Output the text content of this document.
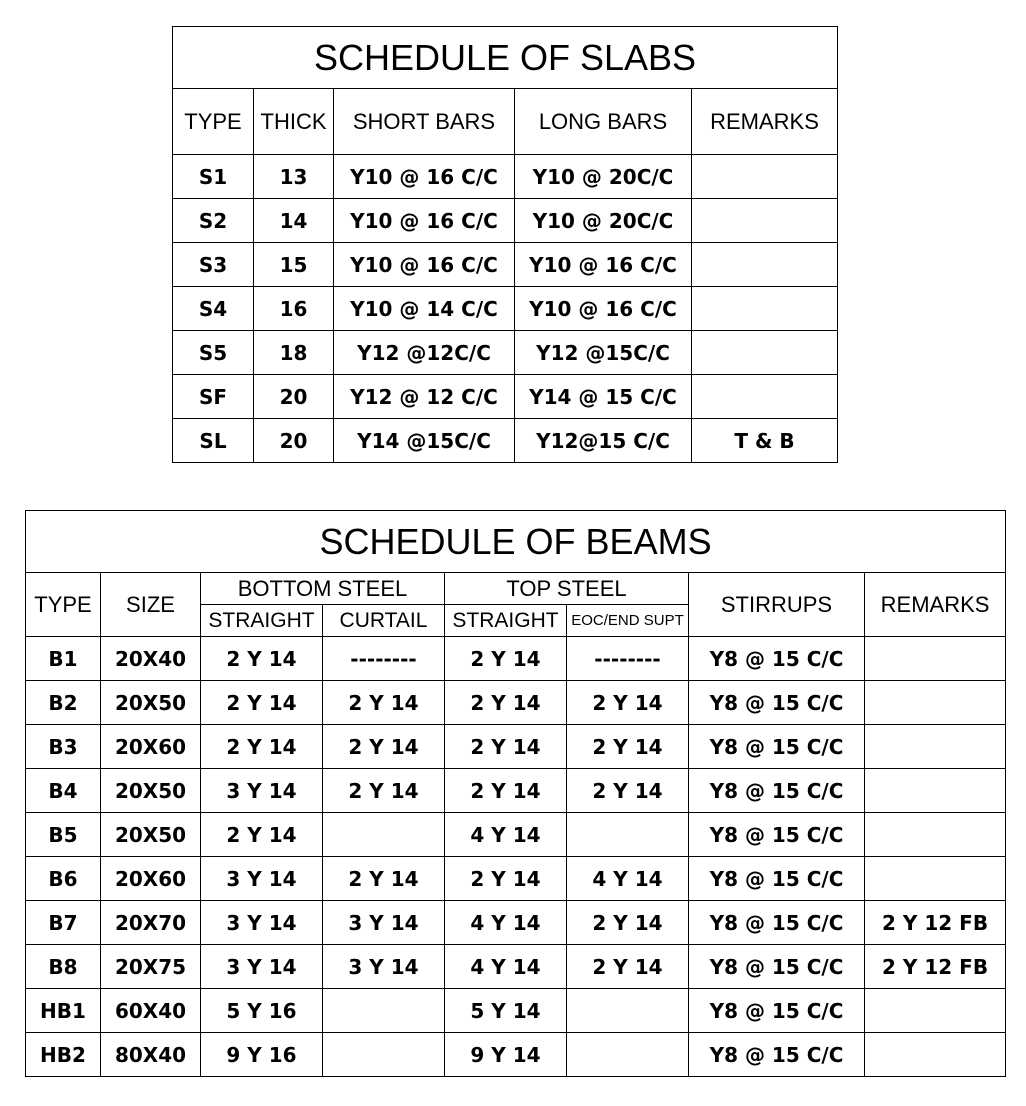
SCHEDULE OF SLABS				
TYPE	THICK	SHORT BARS	LONG BARS	REMARKS
S1	13	Y10 @ 16 C/C	Y10 @ 20C/C	
S2	14	Y10 @ 16 C/C	Y10 @ 20C/C	
S3	15	Y10 @ 16 C/C	Y10 @ 16 C/C	
S4	16	Y10 @ 14 C/C	Y10 @ 16 C/C	
S5	18	Y12 @12C/C	Y12 @15C/C	
SF	20	Y12 @ 12 C/C	Y14 @ 15 C/C	
SL	20	Y14 @15C/C	Y12@15 C/C	T & B
SCHEDULE OF BEAMS							
TYPE	SIZE	BOTTOM STEEL		TOP STEEL		STIRRUPS	REMARKS
		STRAIGHT	CURTAIL	STRAIGHT	EOC/END SUPT		
B1	20X40	2 Y 14	--------	2 Y 14	--------	Y8 @ 15 C/C	
B2	20X50	2 Y 14	2 Y 14	2 Y 14	2 Y 14	Y8 @ 15 C/C	
B3	20X60	2 Y 14	2 Y 14	2 Y 14	2 Y 14	Y8 @ 15 C/C	
B4	20X50	3 Y 14	2 Y 14	2 Y 14	2 Y 14	Y8 @ 15 C/C	
B5	20X50	2 Y 14		4 Y 14		Y8 @ 15 C/C	
B6	20X60	3 Y 14	2 Y 14	2 Y 14	4 Y 14	Y8 @ 15 C/C	
B7	20X70	3 Y 14	3 Y 14	4 Y 14	2 Y 14	Y8 @ 15 C/C	2 Y 12 FB
B8	20X75	3 Y 14	3 Y 14	4 Y 14	2 Y 14	Y8 @ 15 C/C	2 Y 12 FB
HB1	60X40	5 Y 16		5 Y 14		Y8 @ 15 C/C	
HB2	80X40	9 Y 16		9 Y 14		Y8 @ 15 C/C	
